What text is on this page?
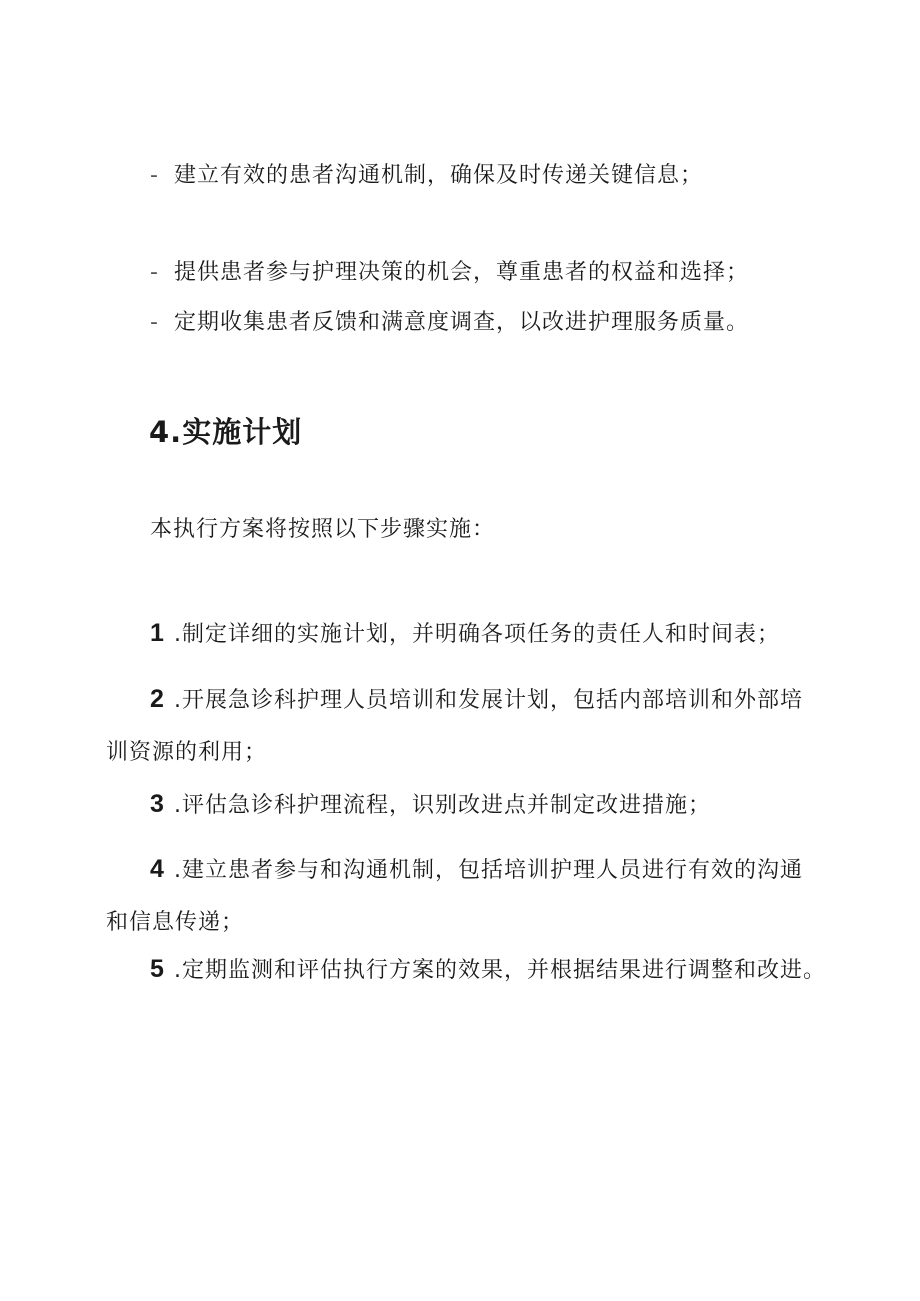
- 建立有效的患者沟通机制，确保及时传递关键信息；
- 提供患者参与护理决策的机会，尊重患者的权益和选择；
- 定期收集患者反馈和满意度调查，以改进护理服务质量。
4.实施计划
本执行方案将按照以下步骤实施：
1 .制定详细的实施计划，并明确各项任务的责任人和时间表；
2 .开展急诊科护理人员培训和发展计划，包括内部培训和外部培
训资源的利用；
3 .评估急诊科护理流程，识别改进点并制定改进措施；
4 .建立患者参与和沟通机制，包括培训护理人员进行有效的沟通
和信息传递；
5 .定期监测和评估执行方案的效果，并根据结果进行调整和改进。
